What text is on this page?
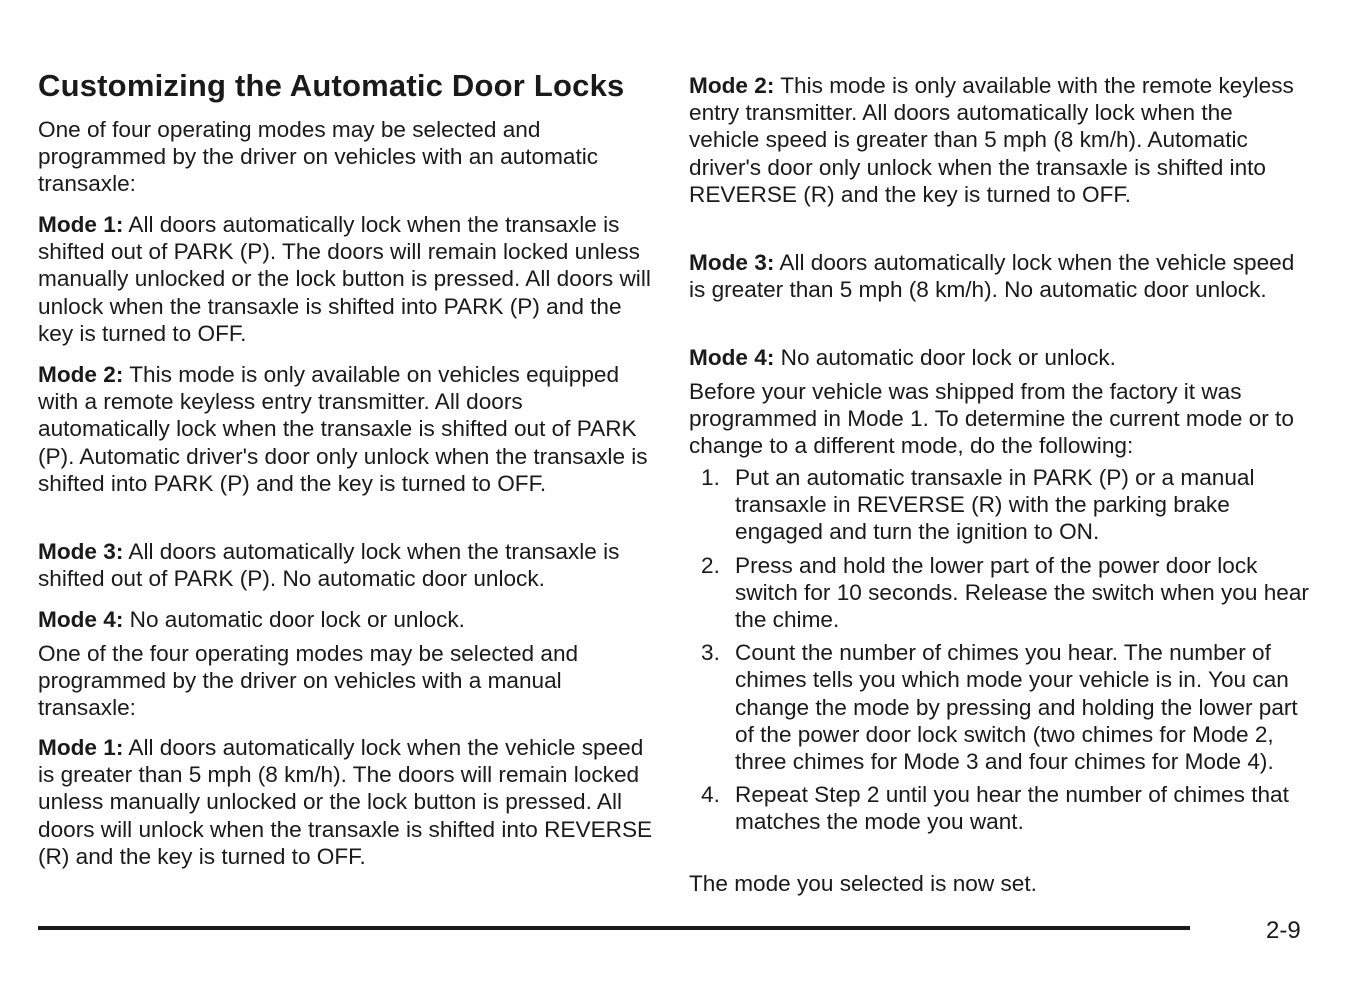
Customizing the Automatic Door Locks

One of four operating modes may be selected and programmed by the driver on vehicles with an automatic transaxle:

Mode 1: All doors automatically lock when the transaxle is shifted out of PARK (P). The doors will remain locked unless manually unlocked or the lock button is pressed. All doors will unlock when the transaxle is shifted into PARK (P) and the key is turned to OFF.

Mode 2: This mode is only available on vehicles equipped with a remote keyless entry transmitter. All doors automatically lock when the transaxle is shifted out of PARK (P). Automatic driver's door only unlock when the transaxle is shifted into PARK (P) and the key is turned to OFF.

Mode 3: All doors automatically lock when the transaxle is shifted out of PARK (P). No automatic door unlock.

Mode 4: No automatic door lock or unlock.

One of the four operating modes may be selected and programmed by the driver on vehicles with a manual transaxle:

Mode 1: All doors automatically lock when the vehicle speed is greater than 5 mph (8 km/h). The doors will remain locked unless manually unlocked or the lock button is pressed. All doors will unlock when the transaxle is shifted into REVERSE (R) and the key is turned to OFF.

Mode 2: This mode is only available with the remote keyless entry transmitter. All doors automatically lock when the vehicle speed is greater than 5 mph (8 km/h). Automatic driver's door only unlock when the transaxle is shifted into REVERSE (R) and the key is turned to OFF.

Mode 3: All doors automatically lock when the vehicle speed is greater than 5 mph (8 km/h). No automatic door unlock.

Mode 4: No automatic door lock or unlock.

Before your vehicle was shipped from the factory it was programmed in Mode 1. To determine the current mode or to change to a different mode, do the following:

1. Put an automatic transaxle in PARK (P) or a manual transaxle in REVERSE (R) with the parking brake engaged and turn the ignition to ON.
2. Press and hold the lower part of the power door lock switch for 10 seconds. Release the switch when you hear the chime.
3. Count the number of chimes you hear. The number of chimes tells you which mode your vehicle is in. You can change the mode by pressing and holding the lower part of the power door lock switch (two chimes for Mode 2, three chimes for Mode 3 and four chimes for Mode 4).
4. Repeat Step 2 until you hear the number of chimes that matches the mode you want.

The mode you selected is now set.

2-9
